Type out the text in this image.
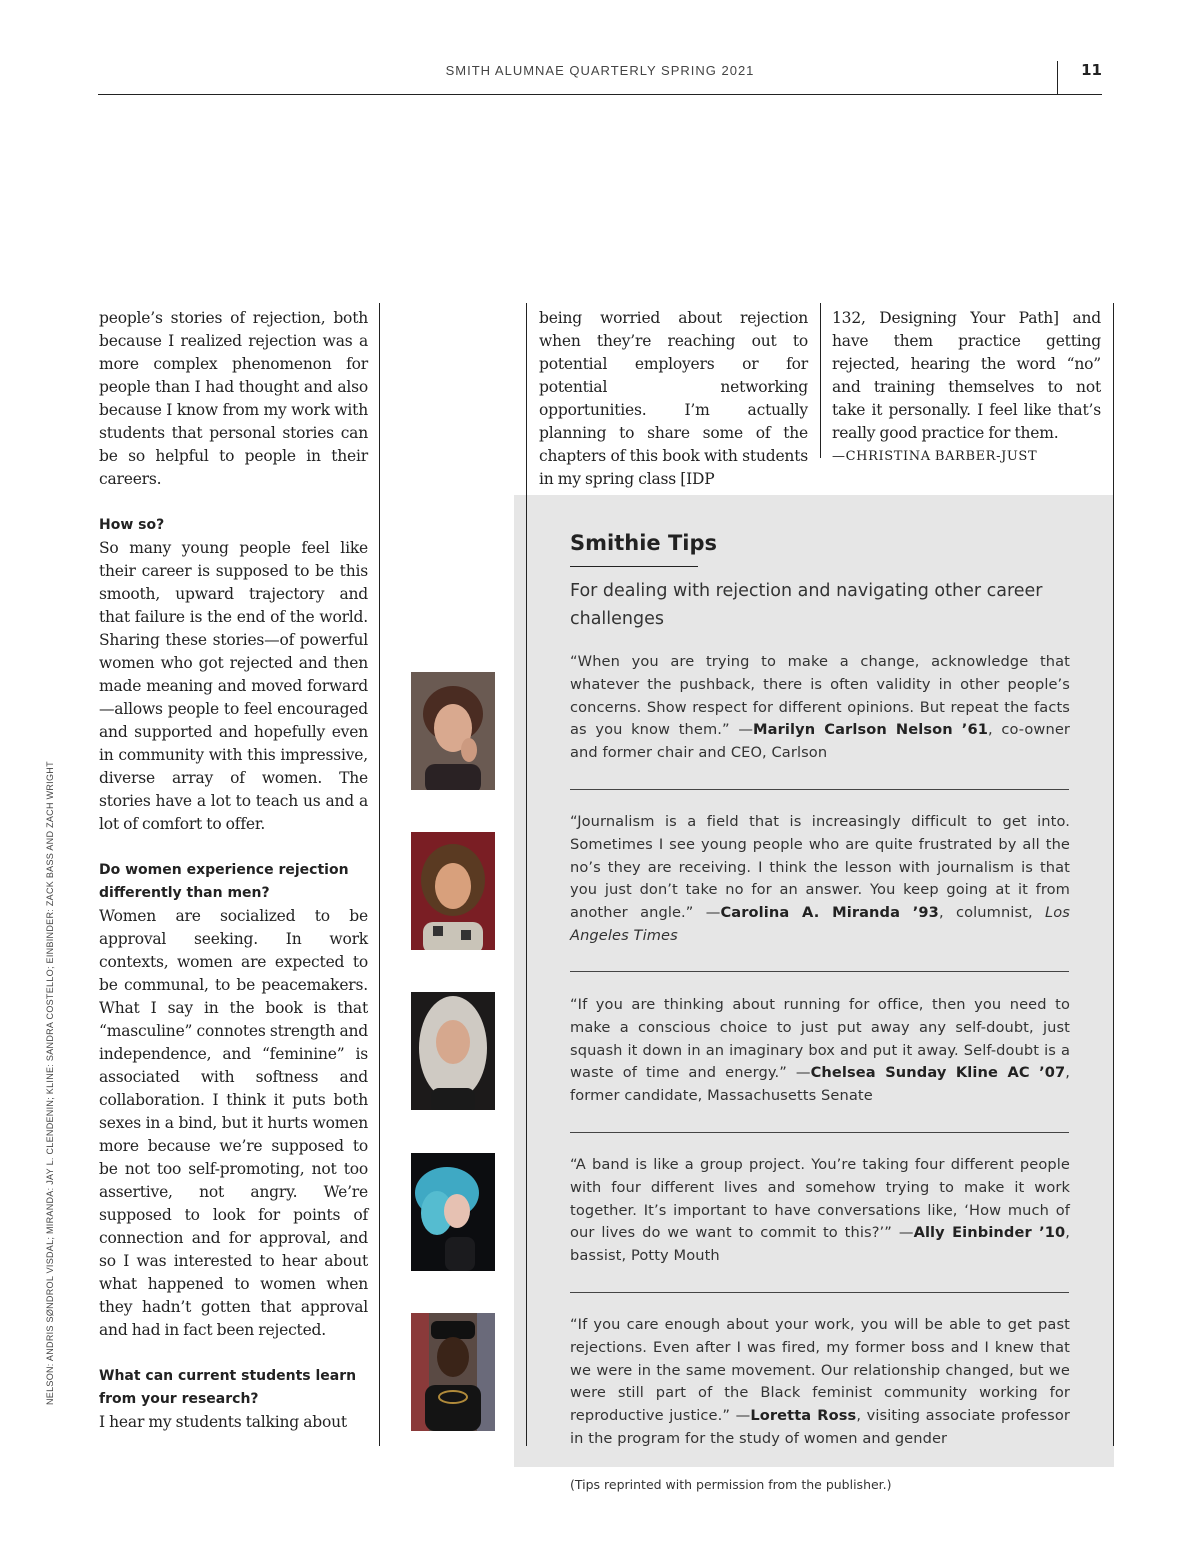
SMITH ALUMNAE QUARTERLY SPRING 2021	11
NELSON: ANDRIS SØNDROL VISDAL; MIRANDA: JAY L. CLENDENIN; KLINE: SANDRA COSTELLO; EINBINDER: ZACK BASS AND ZACH WRIGHT
people’s stories of rejection, both because I realized rejection was a more complex phenomenon for people than I had thought and also because I know from my work with students that personal stories can be so helpful to people in their careers.
How so?
So many young people feel like their career is supposed to be this smooth, upward trajectory and that failure is the end of the world. Sharing these stories—of powerful women who got rejected and then made meaning and moved forward—allows people to feel encouraged and supported and hopefully even in community with this impressive, diverse array of women. The stories have a lot to teach us and a lot of comfort to offer.
Do women experience rejection differently than men?
Women are socialized to be approval seeking. In work contexts, women are expected to be communal, to be peacemakers. What I say in the book is that “masculine” connotes strength and independence, and “feminine” is associated with softness and collaboration. I think it puts both sexes in a bind, but it hurts women more because we’re supposed to be not too self-promoting, not too assertive, not angry. We’re supposed to look for points of connection and for approval, and so I was interested to hear about what happened to women when they hadn’t gotten that approval and had in fact been rejected.
What can current students learn from your research?
I hear my students talking about
being worried about rejection when they’re reaching out to potential employers or for potential networking opportunities. I’m actually planning to share some of the chapters of this book with students in my spring class [IDP
132, Designing Your Path] and have them practice getting rejected, hearing the word “no” and training themselves to not take it personally. I feel like that’s really good practice for them.
—CHRISTINA BARBER-JUST
Smithie Tips
For dealing with rejection and navigating other career challenges
“When you are trying to make a change, acknowledge that whatever the pushback, there is often validity in other people’s concerns. Show respect for different opinions. But repeat the facts as you know them.” —Marilyn Carlson Nelson ’61, co-owner and former chair and CEO, Carlson
“Journalism is a field that is increasingly difficult to get into. Sometimes I see young people who are quite frustrated by all the no’s they are receiving. I think the lesson with journalism is that you just don’t take no for an answer. You keep going at it from another angle.” —Carolina A. Miranda ’93, columnist, Los Angeles Times
“If you are thinking about running for office, then you need to make a conscious choice to just put away any self-doubt, just squash it down in an imaginary box and put it away. Self-doubt is a waste of time and energy.” —Chelsea Sunday Kline AC ’07, former candidate, Massachusetts Senate
“A band is like a group project. You’re taking four different people with four different lives and somehow trying to make it work together. It’s important to have conversations like, ‘How much of our lives do we want to commit to this?’” —Ally Einbinder ’10, bassist, Potty Mouth
“If you care enough about your work, you will be able to get past rejections. Even after I was fired, my former boss and I knew that we were in the same movement. Our relationship changed, but we were still part of the Black feminist community working for reproductive justice.” —Loretta Ross, visiting associate professor in the program for the study of women and gender
(Tips reprinted with permission from the publisher.)
